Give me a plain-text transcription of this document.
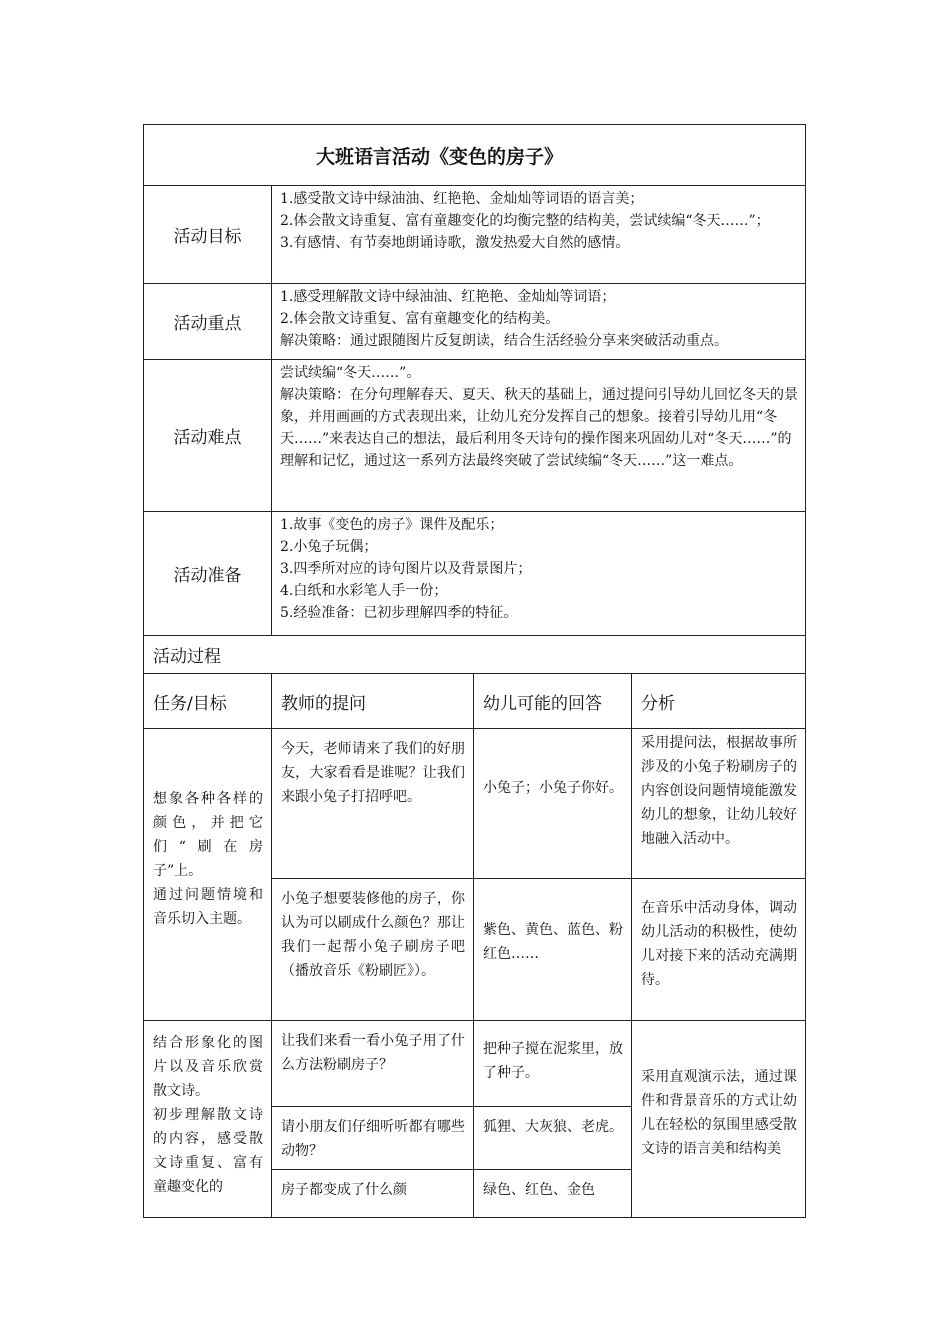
大班语言活动《变色的房子》			
活动目标	1.感受散文诗中绿油油、红艳艳、金灿灿等词语的语言美；
2.体会散文诗重复、富有童趣变化的均衡完整的结构美，尝试续编“冬天……”；
3.有感情、有节奏地朗诵诗歌，激发热爱大自然的感情。		

活动重点	1.感受理解散文诗中绿油油、红艳艳、金灿灿等词语；
2.体会散文诗重复、富有童趣变化的结构美。
解决策略：通过跟随图片反复朗读，结合生活经验分享来突破活动重点。		

活动难点	尝试续编“冬天……”。
解决策略：在分句理解春天、夏天、秋天的基础上，通过提问引导幼儿回忆冬天的景象，并用画画的方式表现出来，让幼儿充分发挥自己的想象。接着引导幼儿用“冬天……”来表达自己的想法，最后利用冬天诗句的操作图来巩固幼儿对“冬天……”的理解和记忆，通过这一系列方法最终突破了尝试续编“冬天……”这一难点。		

活动准备	1.故事《变色的房子》课件及配乐；
2.小兔子玩偶；
3.四季所对应的诗句图片以及背景图片；
4.白纸和水彩笔人手一份；
5.经验准备：已初步理解四季的特征。		

活动过程			
任务/目标	教师的提问	幼儿可能的回答	分析

想象各种各样的颜色，并把它们“刷在房子”上。

通过问题情境和音乐切入主题。	今天，老师请来了我们的好朋友，大家看看是谁呢？让我们来跟小兔子打招呼吧。	小兔子；小兔子你好。	采用提问法，根据故事所涉及的小兔子粉刷房子的内容创设问题情境能激发幼儿的想象，让幼儿较好地融入活动中。
	小兔子想要装修他的房子，你认为可以刷成什么颜色？那让我们一起帮小兔子刷房子吧（播放音乐《粉刷匠》）。	紫色、黄色、蓝色、粉红色……	在音乐中活动身体，调动幼儿活动的积极性，使幼儿对接下来的活动充满期待。

结合形象化的图片以及音乐欣赏散文诗。

初步理解散文诗的内容，感受散文诗重复、富有童趣变化的	让我们来看一看小兔子用了什么方法粉刷房子？	把种子搅在泥浆里，放了种子。	采用直观演示法，通过课件和背景音乐的方式让幼儿在轻松的氛围里感受散文诗的语言美和结构美
	请小朋友们仔细听听都有哪些动物？	狐狸、大灰狼、老虎。	
	房子都变成了什么颜	绿色、红色、金色	
